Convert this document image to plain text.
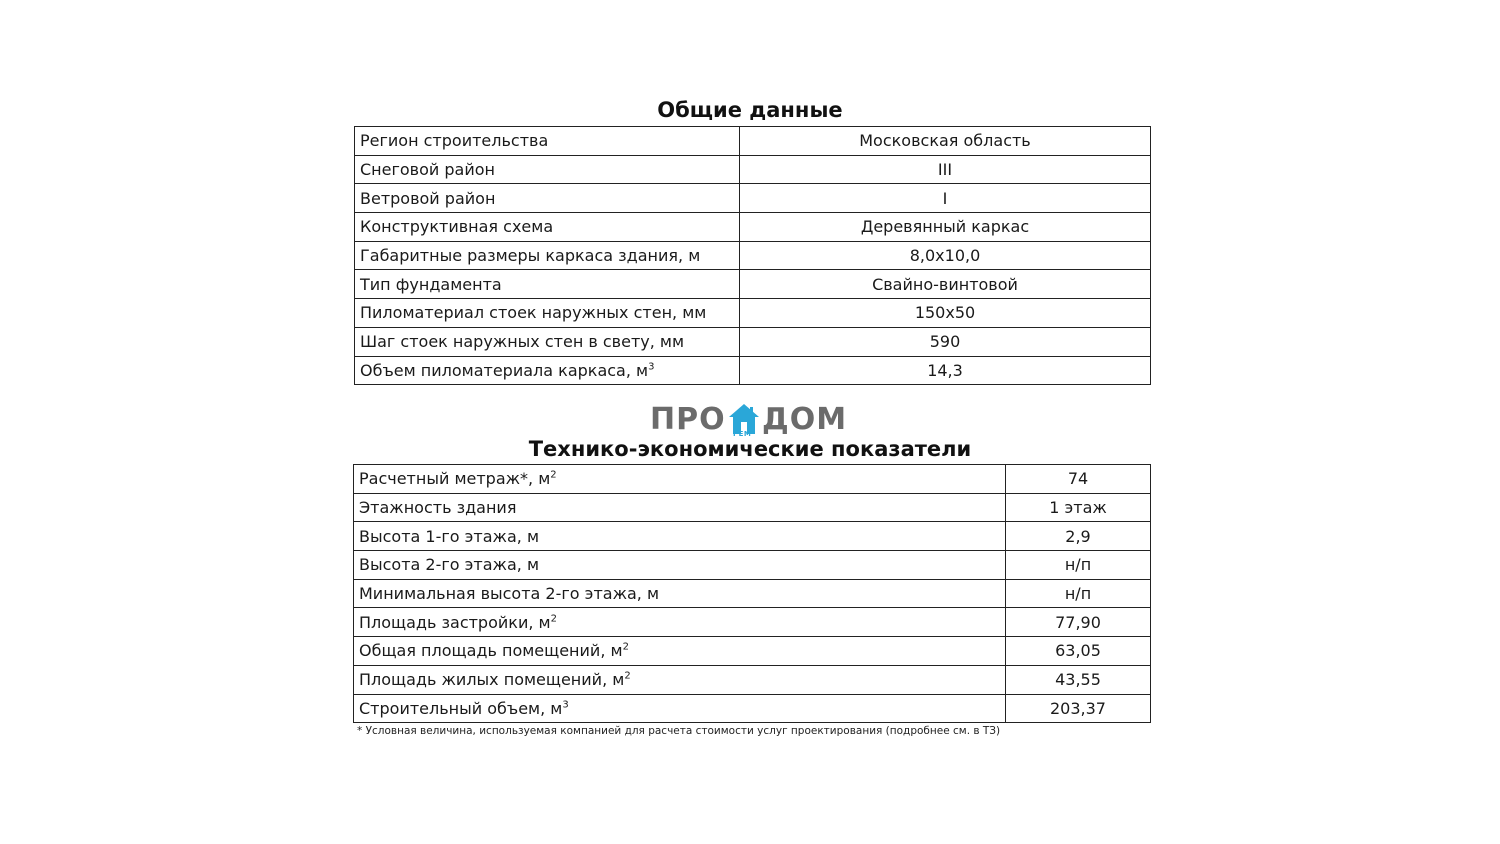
Общие данные
Регион строительства	Московская область
Снеговой район	III
Ветровой район	I
Конструктивная схема	Деревянный каркас
Габаритные размеры каркаса здания, м	8,0х10,0
Тип фундамента	Свайно-винтовой
Пиломатериал стоек наружных стен, мм	150х50
Шаг стоек наружных стен в свету, мм	590
Объем пиломатериала каркаса, $м^3$	14,3
ПРО РЕМ ДОМ
Технико-экономические показатели
Расчетный метраж*, $м^2$	74
Этажность здания	1 этаж
Высота 1-го этажа, м	2,9
Высота 2-го этажа, м	н/п
Минимальная высота 2-го этажа, м	н/п
Площадь застройки, $м^2$	77,90
Общая площадь помещений, $м^2$	63,05
Площадь жилых помещений, $м^2$	43,55
Строительный объем, $м^3$	203,37
* Условная величина, используемая компанией для расчета стоимости услуг проектирования (подробнее см. в ТЗ)
